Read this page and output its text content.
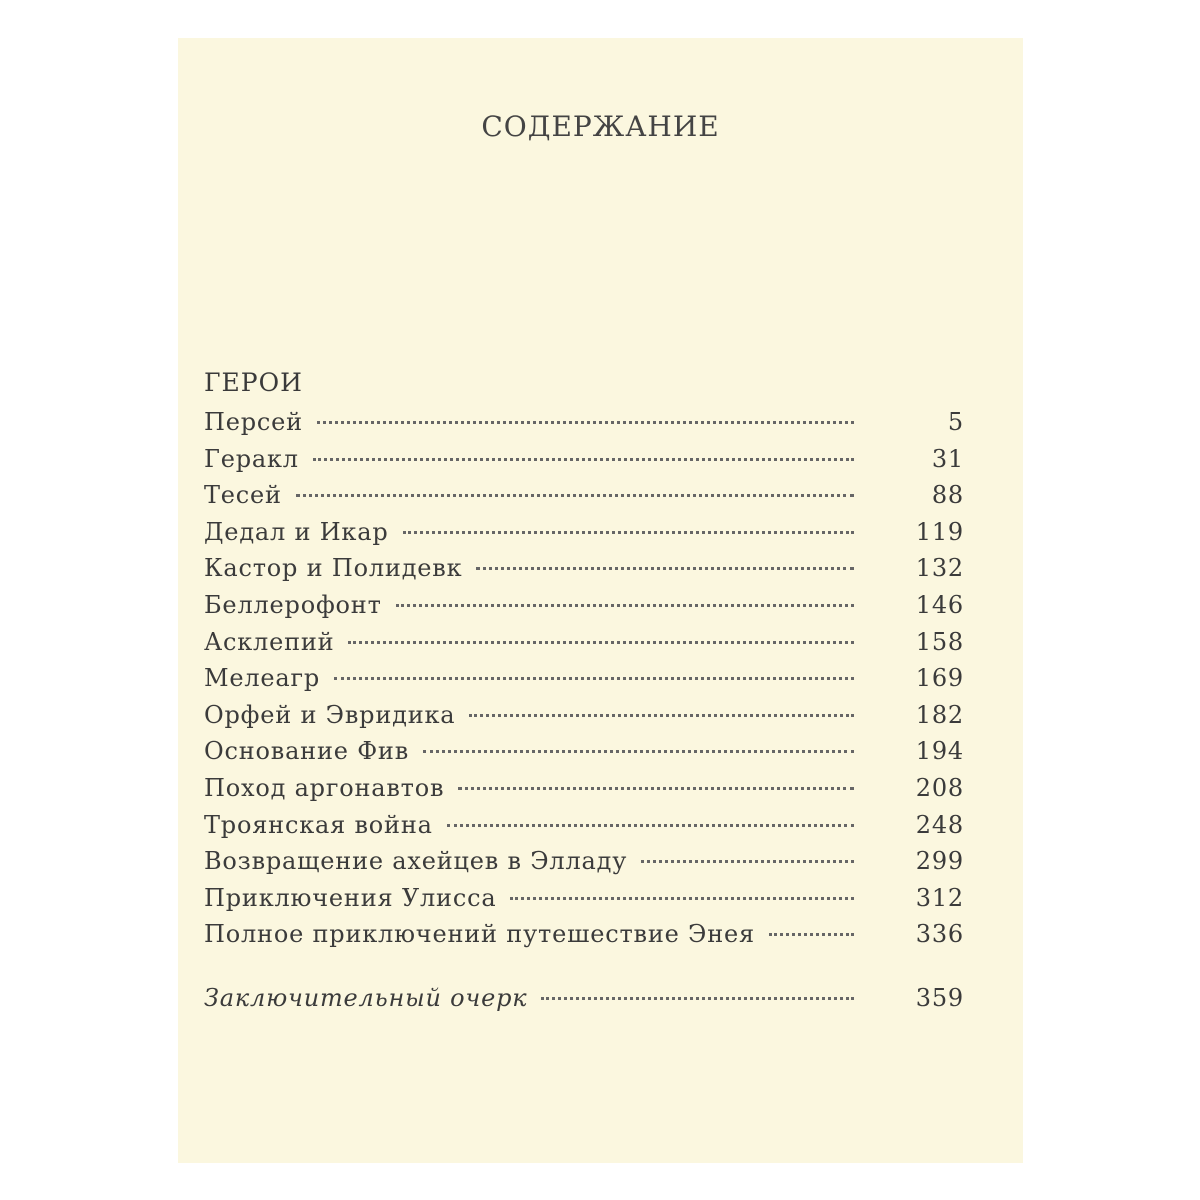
СОДЕРЖАНИЕ
ГЕРОИ
Персей	5
Геракл	31
Тесей	88
Дедал и Икар	119
Кастор и Полидевк	132
Беллерофонт	146
Асклепий	158
Мелеагр	169
Орфей и Эвридика	182
Основание Фив	194
Поход аргонавтов	208
Троянская война	248
Возвращение ахейцев в Элладу	299
Приключения Улисса	312
Полное приключений путешествие Энея	336
Заключительный очерк	359
